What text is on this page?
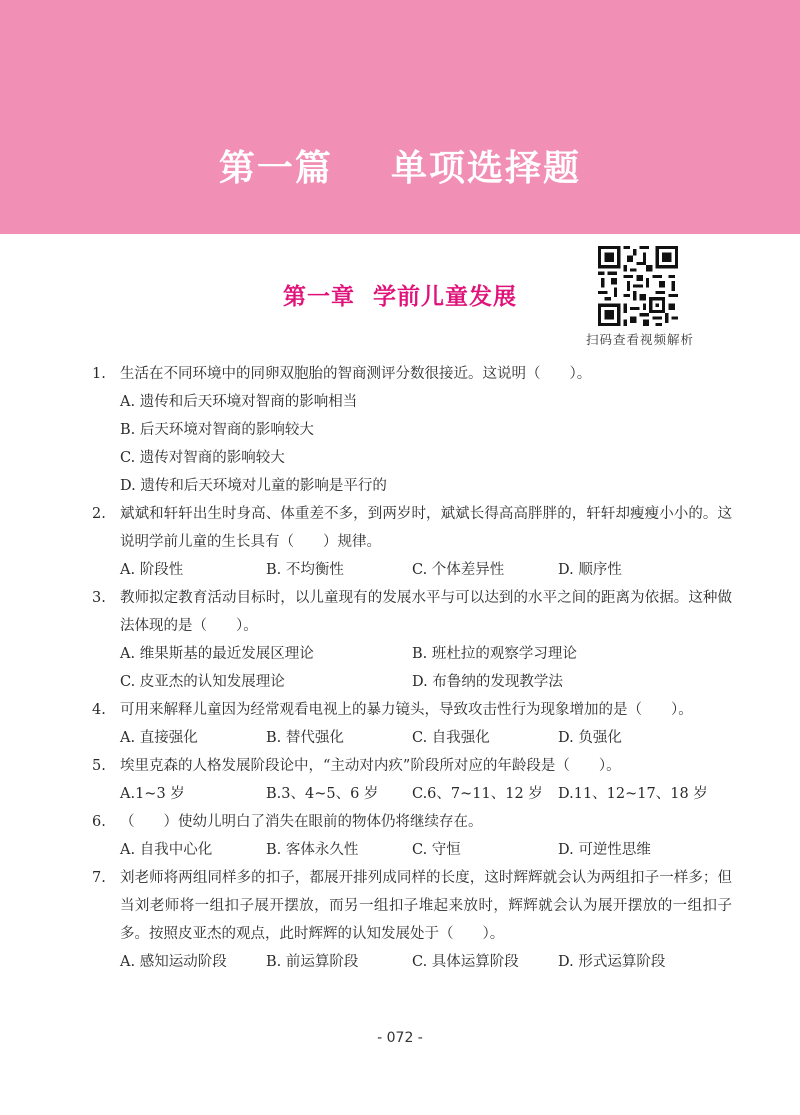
第一篇    单项选择题
第一章  学前儿童发展
扫码查看视频解析
1. 生活在不同环境中的同卵双胞胎的智商测评分数很接近。这说明（　　）。
A. 遗传和后天环境对智商的影响相当
B. 后天环境对智商的影响较大
C. 遗传对智商的影响较大
D. 遗传和后天环境对儿童的影响是平行的
2. 斌斌和轩轩出生时身高、体重差不多，到两岁时，斌斌长得高高胖胖的，轩轩却瘦瘦小小的。这说明学前儿童的生长具有（　　）规律。
A. 阶段性	B. 不均衡性	C. 个体差异性	D. 顺序性
3. 教师拟定教育活动目标时，以儿童现有的发展水平与可以达到的水平之间的距离为依据。这种做法体现的是（　　）。
A. 维果斯基的最近发展区理论	B. 班杜拉的观察学习理论
C. 皮亚杰的认知发展理论	D. 布鲁纳的发现教学法
4. 可用来解释儿童因为经常观看电视上的暴力镜头，导致攻击性行为现象增加的是（　　）。
A. 直接强化	B. 替代强化	C. 自我强化	D. 负强化
5. 埃里克森的人格发展阶段论中，“主动对内疚”阶段所对应的年龄段是（　　）。
A.1~3 岁	B.3、4~5、6 岁	C.6、7~11、12 岁	D.11、12~17、18 岁
6. （　　）使幼儿明白了消失在眼前的物体仍将继续存在。
A. 自我中心化	B. 客体永久性	C. 守恒	D. 可逆性思维
7. 刘老师将两组同样多的扣子，都展开排列成同样的长度，这时辉辉就会认为两组扣子一样多；但当刘老师将一组扣子展开摆放，而另一组扣子堆起来放时，辉辉就会认为展开摆放的一组扣子多。按照皮亚杰的观点，此时辉辉的认知发展处于（　　）。
A. 感知运动阶段	B. 前运算阶段	C. 具体运算阶段	D. 形式运算阶段
- 072 -
